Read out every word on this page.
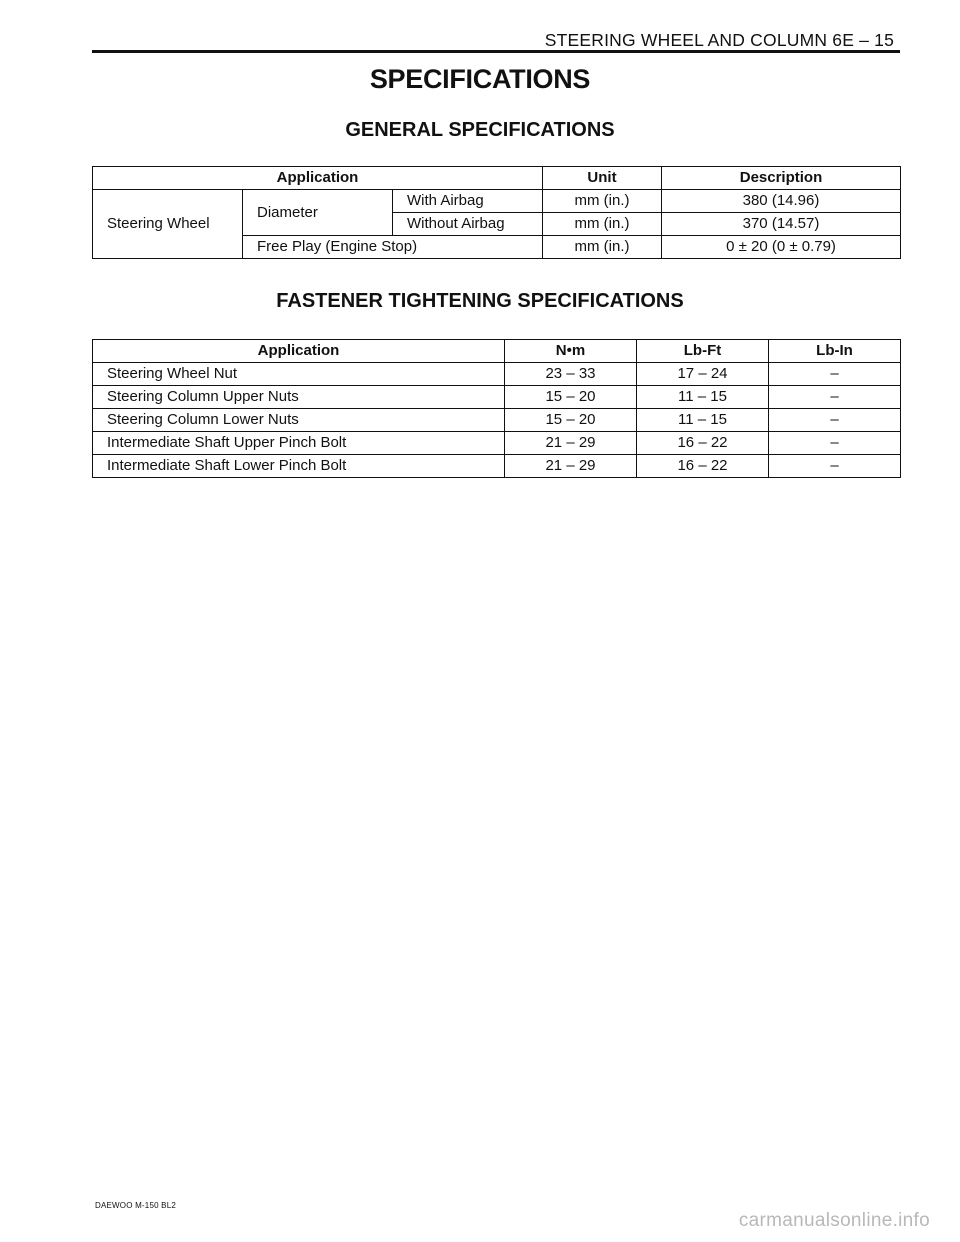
STEERING WHEEL AND COLUMN 6E – 15
SPECIFICATIONS
GENERAL SPECIFICATIONS
Application			Unit	Description
Steering Wheel	Diameter	With Airbag	mm (in.)	380 (14.96)
		Without Airbag	mm (in.)	370 (14.57)
	Free Play (Engine Stop)		mm (in.)	0 ± 20 (0 ± 0.79)
FASTENER TIGHTENING SPECIFICATIONS
Application	N•m	Lb-Ft	Lb-In
Steering Wheel Nut	23 – 33	17 – 24	–
Steering Column Upper Nuts	15 – 20	11 – 15	–
Steering Column Lower Nuts	15 – 20	11 – 15	–
Intermediate Shaft Upper Pinch Bolt	21 – 29	16 – 22	–
Intermediate Shaft Lower Pinch Bolt	21 – 29	16 – 22	–
DAEWOO M-150 BL2
carmanualsonline.info
